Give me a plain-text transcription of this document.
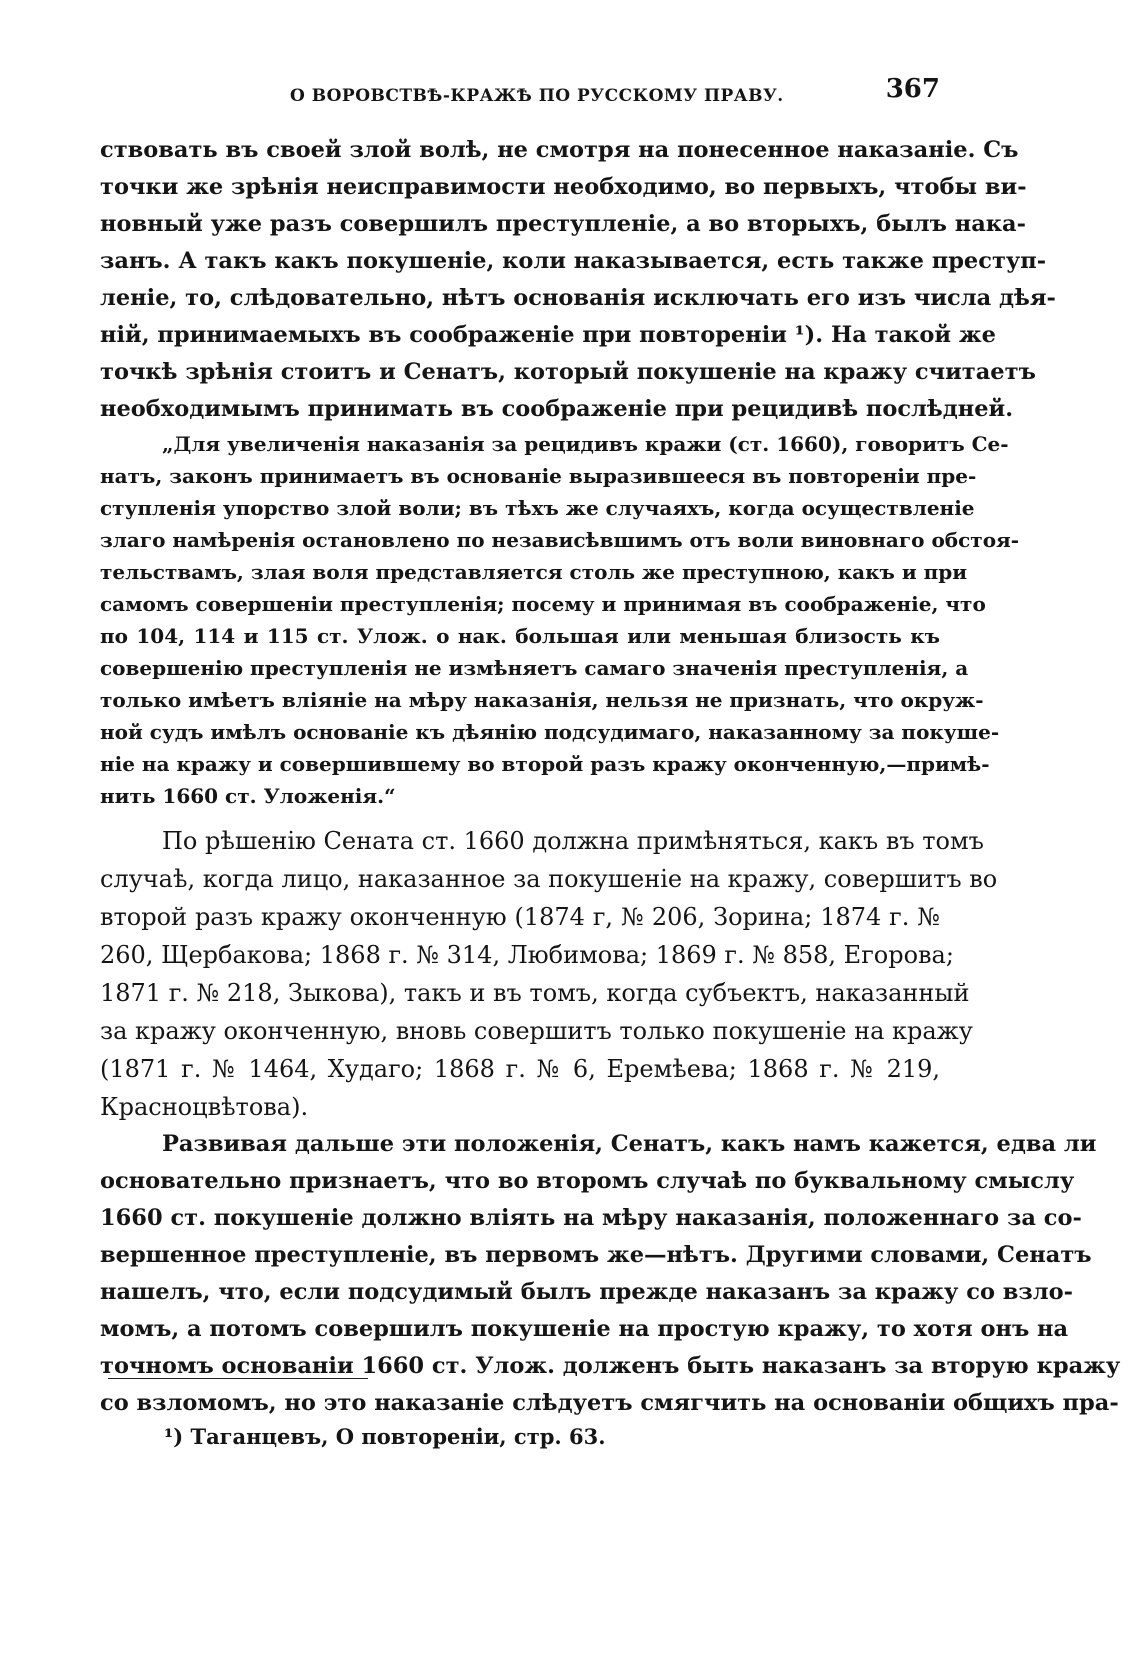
О ВОРОВСТВѢ-КРАЖѢ ПО РУССКОМУ ПРАВУ.	367
ствовать въ своей злой волѣ, не смотря на понесенное наказаніе. Съ
точки же зрѣнія неисправимости необходимо, во первыхъ, чтобы ви-
новный уже разъ совершилъ преступленіе, а во вторыхъ, былъ нака-
занъ. А такъ какъ покушеніе, коли наказывается, есть также преступ-
леніе, то, слѣдовательно, нѣтъ основанія исключать его изъ числа дѣя-
ній, принимаемыхъ въ соображеніе при повтореніи ¹). На такой же
точкѣ зрѣнія стоитъ и Сенатъ, который покушеніе на кражу считаетъ
необходимымъ принимать въ соображеніе при рецидивѣ послѣдней.
„Для увеличенія наказанія за рецидивъ кражи (ст. 1660), говоритъ Се-
натъ, законъ принимаетъ въ основаніе выразившееся въ повтореніи пре-
ступленія упорство злой воли; въ тѣхъ же случаяхъ, когда осуществленіе
злаго намѣренія остановлено по независѣвшимъ отъ воли виновнаго обстоя-
тельствамъ, злая воля представляется столь же преступною, какъ и при
самомъ совершеніи преступленія; посему и принимая въ соображеніе, что
по 104, 114 и 115 ст. Улож. о нак. большая или меньшая близость къ
совершенію преступленія не измѣняетъ самаго значенія преступленія, а
только имѣетъ вліяніе на мѣру наказанія, нельзя не признать, что окруж-
ной судъ имѣлъ основаніе къ дѣянію подсудимаго, наказанному за покуше-
ніе на кражу и совершившему во второй разъ кражу оконченную,—примѣ-
нить 1660 ст. Уложенія.“
По рѣшенію Сената ст. 1660 должна примѣняться, какъ въ томъ
случаѣ, когда лицо, наказанное за покушеніе на кражу, совершитъ во
второй разъ кражу оконченную (1874 г, № 206, Зорина; 1874 г. №
260, Щербакова; 1868 г. № 314, Любимова; 1869 г. № 858, Егорова;
1871 г. № 218, Зыкова), такъ и въ томъ, когда субъектъ, наказанный
за кражу оконченную, вновь совершитъ только покушеніе на кражу
(1871 г. № 1464, Худаго; 1868 г. № 6, Еремѣева; 1868 г. № 219,
Красноцвѣтова).
Развивая дальше эти положенія, Сенатъ, какъ намъ кажется, едва ли
основательно признаетъ, что во второмъ случаѣ по буквальному смыслу
1660 ст. покушеніе должно вліять на мѣру наказанія, положеннаго за со-
вершенное преступленіе, въ первомъ же—нѣтъ. Другими словами, Сенатъ
нашелъ, что, если подсудимый былъ прежде наказанъ за кражу со взло-
момъ, а потомъ совершилъ покушеніе на простую кражу, то хотя онъ на
точномъ основаніи 1660 ст. Улож. долженъ быть наказанъ за вторую кражу
со взломомъ, но это наказаніе слѣдуетъ смягчить на основаніи общихъ пра-
¹) Таганцевъ, О повтореніи, стр. 63.
